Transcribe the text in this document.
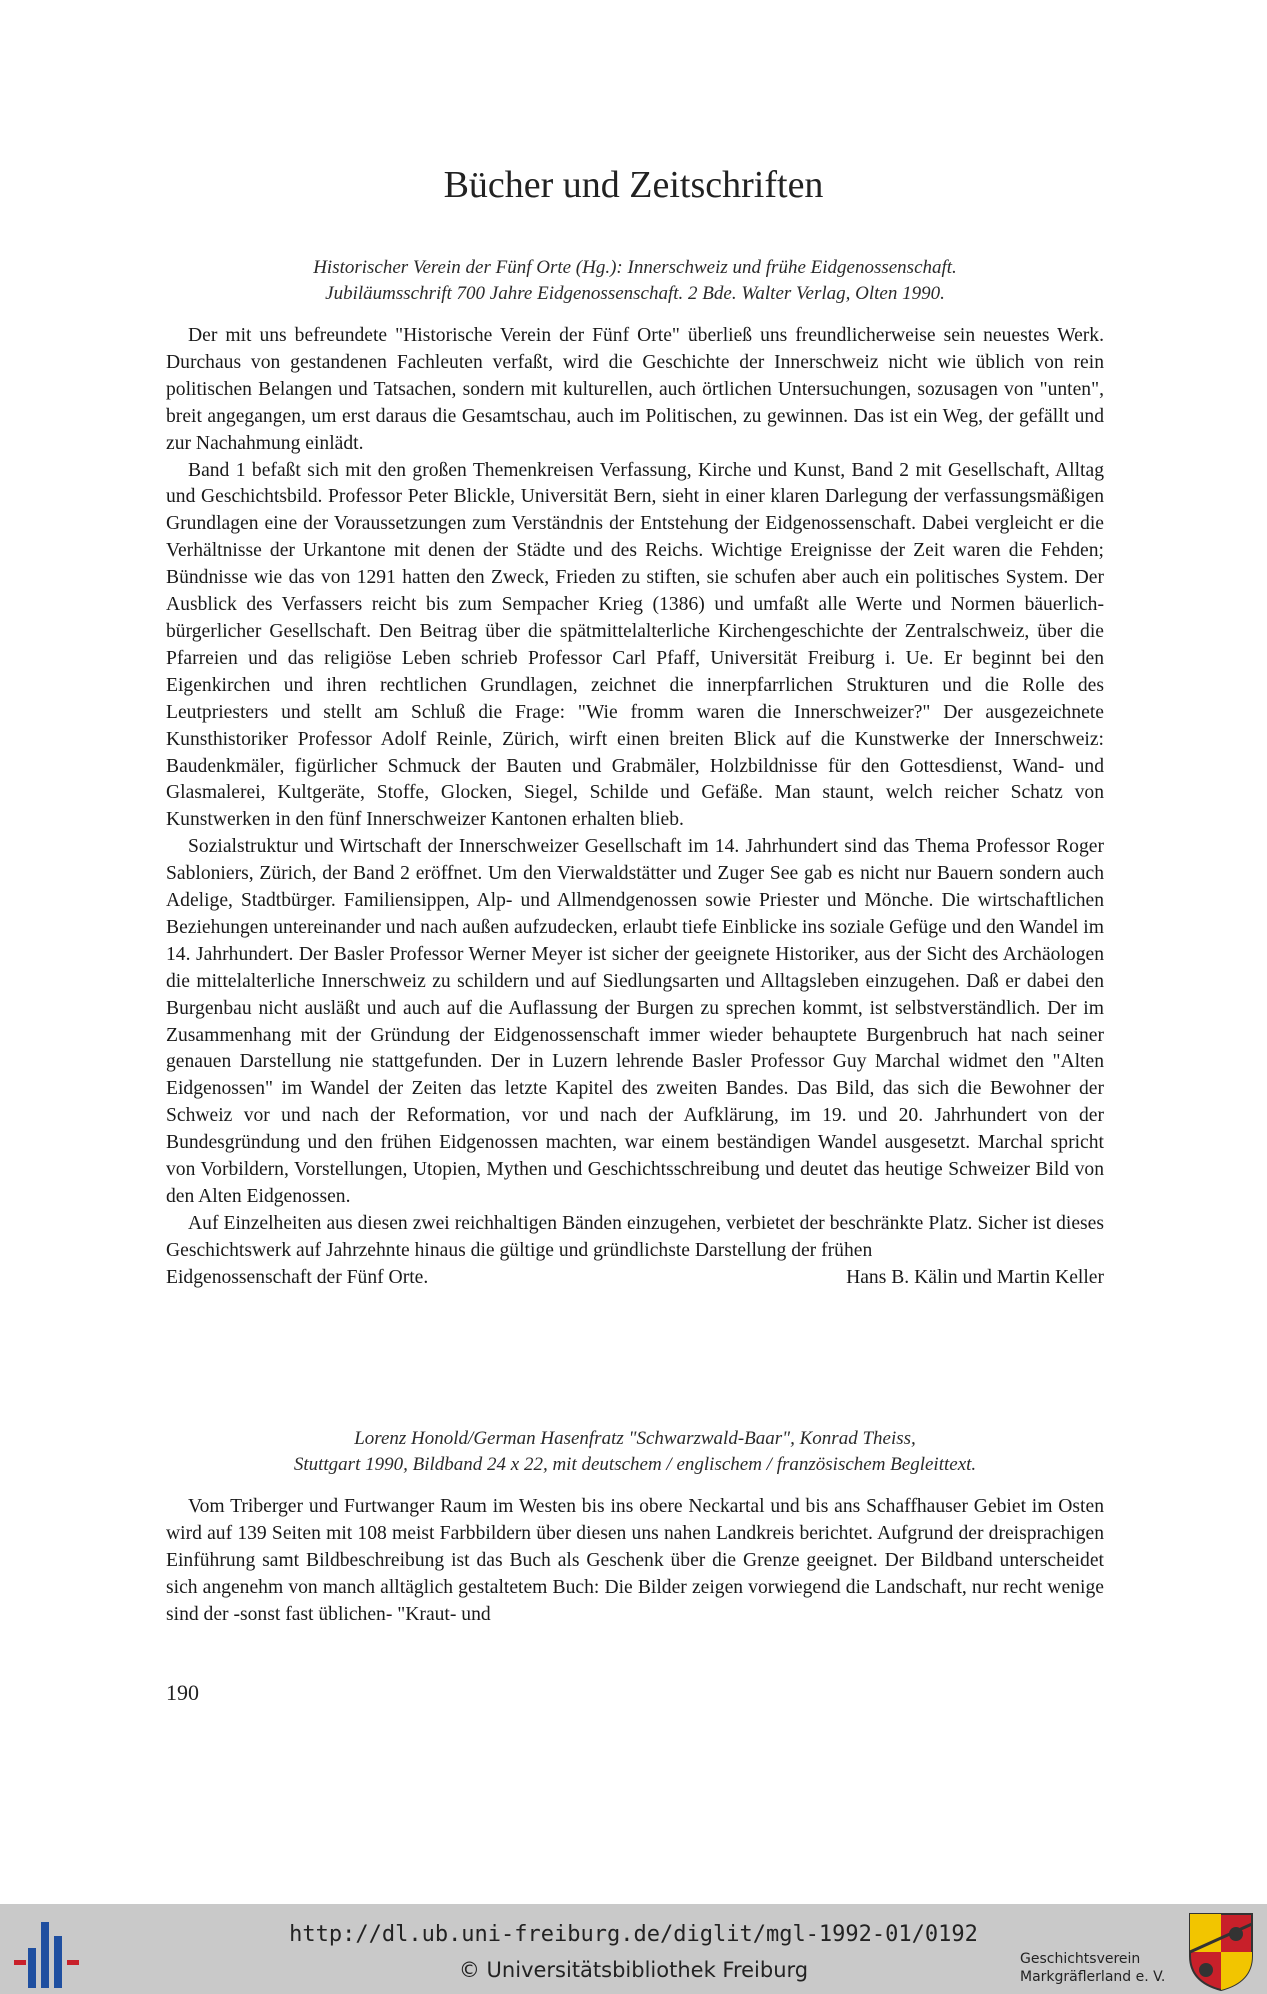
Bücher und Zeitschriften
Historischer Verein der Fünf Orte (Hg.): Innerschweiz und frühe Eidgenossenschaft.
Jubiläumsschrift 700 Jahre Eidgenossenschaft. 2 Bde. Walter Verlag, Olten 1990.

Der mit uns befreundete "Historische Verein der Fünf Orte" überließ uns freundlicherweise sein neuestes Werk. Durchaus von gestandenen Fachleuten verfaßt, wird die Geschichte der Innerschweiz nicht wie üblich von rein politischen Belangen und Tatsachen, sondern mit kulturellen, auch örtlichen Untersuchungen, sozusagen von "unten", breit angegangen, um erst daraus die Gesamtschau, auch im Politischen, zu gewinnen. Das ist ein Weg, der gefällt und zur Nachahmung einlädt.

Band 1 befaßt sich mit den großen Themenkreisen Verfassung, Kirche und Kunst, Band 2 mit Gesellschaft, Alltag und Geschichtsbild. Professor Peter Blickle, Universität Bern, sieht in einer klaren Darlegung der verfassungsmäßigen Grundlagen eine der Voraussetzungen zum Verständnis der Entstehung der Eidgenossenschaft. Dabei vergleicht er die Verhältnisse der Urkantone mit denen der Städte und des Reichs. Wichtige Ereignisse der Zeit waren die Fehden; Bündnisse wie das von 1291 hatten den Zweck, Frieden zu stiften, sie schufen aber auch ein politisches System. Der Ausblick des Verfassers reicht bis zum Sempacher Krieg (1386) und umfaßt alle Werte und Normen bäuerlich-bürgerlicher Gesellschaft. Den Beitrag über die spätmittelalterliche Kirchengeschichte der Zentralschweiz, über die Pfarreien und das religiöse Leben schrieb Professor Carl Pfaff, Universität Freiburg i. Ue. Er beginnt bei den Eigenkirchen und ihren rechtlichen Grundlagen, zeichnet die innerpfarrlichen Strukturen und die Rolle des Leutpriesters und stellt am Schluß die Frage: "Wie fromm waren die Innerschweizer?" Der ausgezeichnete Kunsthistoriker Professor Adolf Reinle, Zürich, wirft einen breiten Blick auf die Kunstwerke der Innerschweiz: Baudenkmäler, figürlicher Schmuck der Bauten und Grabmäler, Holzbildnisse für den Gottesdienst, Wand- und Glasmalerei, Kultgeräte, Stoffe, Glocken, Siegel, Schilde und Gefäße. Man staunt, welch reicher Schatz von Kunstwerken in den fünf Innerschweizer Kantonen erhalten blieb.

Sozialstruktur und Wirtschaft der Innerschweizer Gesellschaft im 14. Jahrhundert sind das Thema Professor Roger Sabloniers, Zürich, der Band 2 eröffnet. Um den Vierwaldstätter und Zuger See gab es nicht nur Bauern sondern auch Adelige, Stadtbürger. Familiensippen, Alp- und Allmendgenossen sowie Priester und Mönche. Die wirtschaftlichen Beziehungen untereinander und nach außen aufzudecken, erlaubt tiefe Einblicke ins soziale Gefüge und den Wandel im 14. Jahrhundert. Der Basler Professor Werner Meyer ist sicher der geeignete Historiker, aus der Sicht des Archäologen die mittelalterliche Innerschweiz zu schildern und auf Siedlungsarten und Alltagsleben einzugehen. Daß er dabei den Burgenbau nicht ausläßt und auch auf die Auflassung der Burgen zu sprechen kommt, ist selbstverständlich. Der im Zusammenhang mit der Gründung der Eidgenossenschaft immer wieder behauptete Burgenbruch hat nach seiner genauen Darstellung nie stattgefunden. Der in Luzern lehrende Basler Professor Guy Marchal widmet den "Alten Eidgenossen" im Wandel der Zeiten das letzte Kapitel des zweiten Bandes. Das Bild, das sich die Bewohner der Schweiz vor und nach der Reformation, vor und nach der Aufklärung, im 19. und 20. Jahrhundert von der Bundesgründung und den frühen Eidgenossen machten, war einem beständigen Wandel ausgesetzt. Marchal spricht von Vorbildern, Vorstellungen, Utopien, Mythen und Geschichtsschreibung und deutet das heutige Schweizer Bild von den Alten Eidgenossen.

Auf Einzelheiten aus diesen zwei reichhaltigen Bänden einzugehen, verbietet der beschränkte Platz. Sicher ist dieses Geschichtswerk auf Jahrzehnte hinaus die gültige und gründlichste Darstellung der frühen

Eidgenossenschaft der Fünf Orte.	Hans B. Kälin und Martin Keller
Lorenz Honold/German Hasenfratz "Schwarzwald-Baar", Konrad Theiss,
Stuttgart 1990, Bildband 24 x 22, mit deutschem / englischem / französischem Begleittext.

Vom Triberger und Furtwanger Raum im Westen bis ins obere Neckartal und bis ans Schaffhauser Gebiet im Osten wird auf 139 Seiten mit 108 meist Farbbildern über diesen uns nahen Landkreis berichtet. Aufgrund der dreisprachigen Einführung samt Bildbeschreibung ist das Buch als Geschenk über die Grenze geeignet. Der Bildband unterscheidet sich angenehm von manch alltäglich gestaltetem Buch: Die Bilder zeigen vorwiegend die Landschaft, nur recht wenige sind der -sonst fast üblichen- "Kraut- und

190
http://dl.ub.uni-freiburg.de/diglit/mgl-1992-01/0192
© Universitätsbibliothek Freiburg	Geschichtsverein
Markgräflerland e. V.
